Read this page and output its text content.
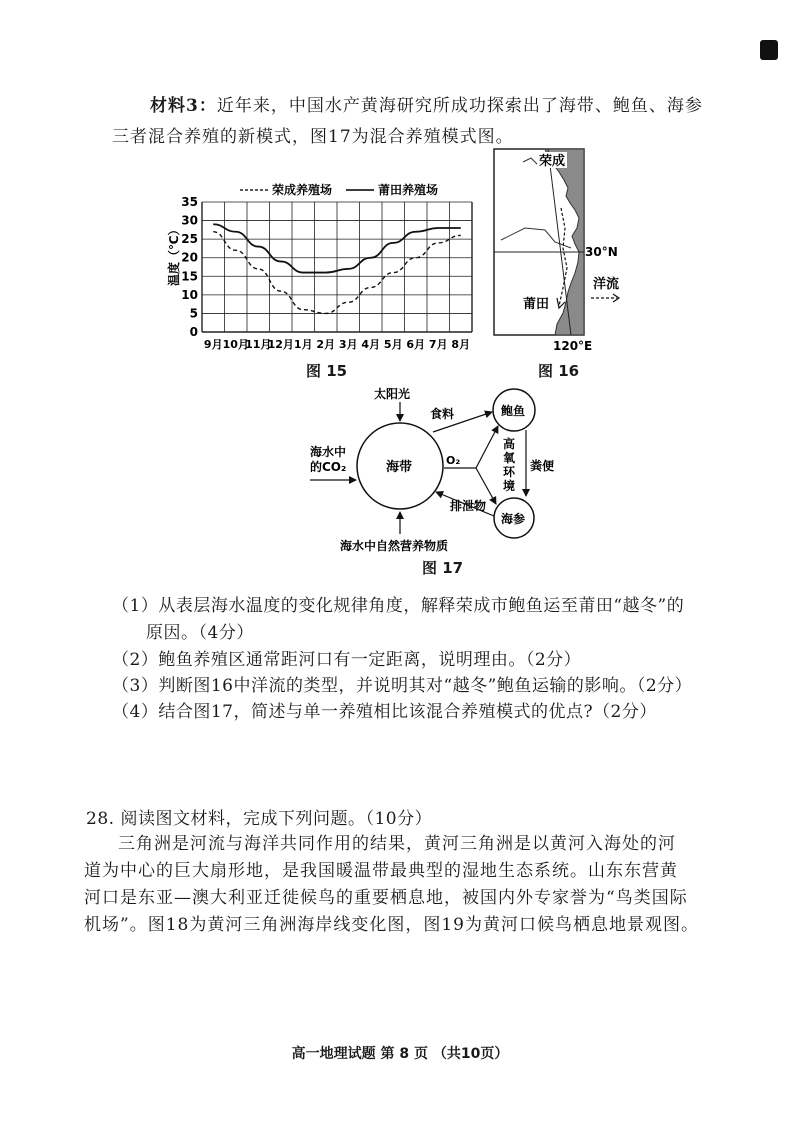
材料3：近年来，中国水产黄海研究所成功探索出了海带、鲍鱼、海参
三者混合养殖的新模式，图17为混合养殖模式图。
荣成养殖场	莆田养殖场
温度（℃）
0
5
10
15
20
25
30
35
9月 10月
11月
12月 1月 2月 3月 4月 5月 6月 7月 8月
图 15
荣成
莆田
30°N
120°E
洋流
图 16
海带
鲍鱼
海参
太阳光
食料
海水中
的CO₂	O₂
高氧环境
粪便
排泄物
海水中自然营养物质
图 17
（1）从表层海水温度的变化规律角度，解释荣成市鲍鱼运至莆田“越冬”的
原因。（4分）
（2）鲍鱼养殖区通常距河口有一定距离，说明理由。（2分）
（3）判断图16中洋流的类型，并说明其对“越冬”鲍鱼运输的影响。（2分）
（4）结合图17，简述与单一养殖相比该混合养殖模式的优点?（2分）
28. 阅读图文材料，完成下列问题。（10分）
三角洲是河流与海洋共同作用的结果，黄河三角洲是以黄河入海处的河
道为中心的巨大扇形地，是我国暖温带最典型的湿地生态系统。山东东营黄
河口是东亚—澳大利亚迁徙候鸟的重要栖息地，被国内外专家誉为“鸟类国际
机场”。图18为黄河三角洲海岸线变化图，图19为黄河口候鸟栖息地景观图。
高一地理试题 第 8 页 （共10页）
